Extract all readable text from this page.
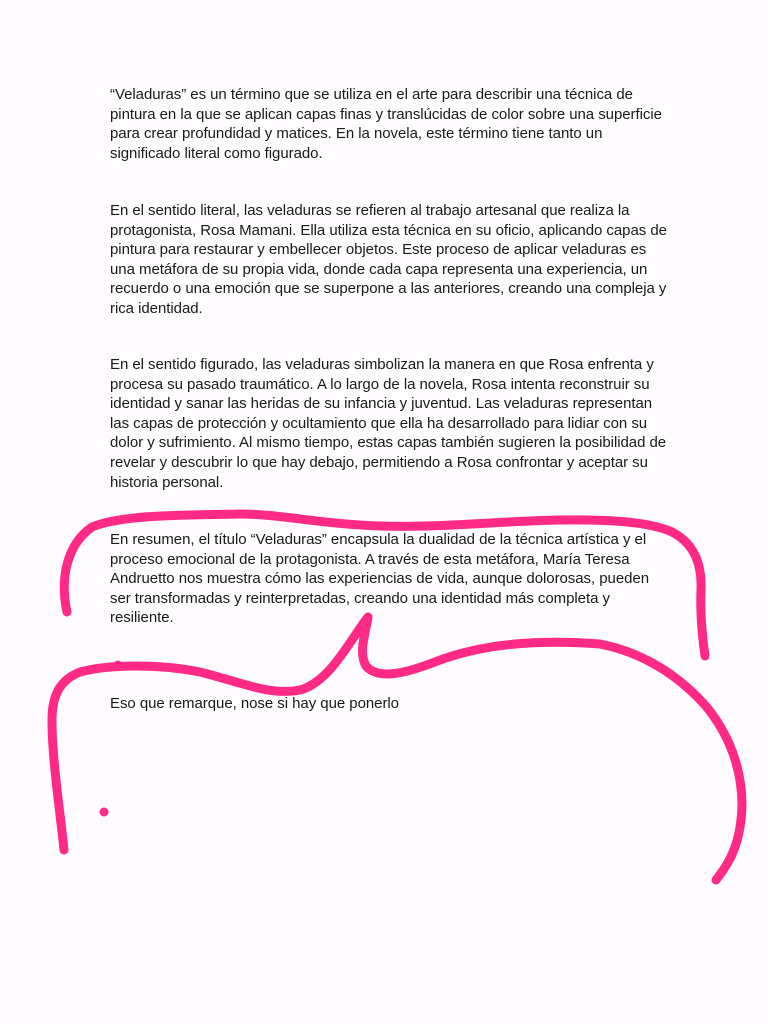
“Veladuras” es un término que se utiliza en el arte para describir una técnica de pintura en la que se aplican capas finas y translúcidas de color sobre una superficie para crear profundidad y matices. En la novela, este término tiene tanto un significado literal como figurado.

En el sentido literal, las veladuras se refieren al trabajo artesanal que realiza la protagonista, Rosa Mamani. Ella utiliza esta técnica en su oficio, aplicando capas de pintura para restaurar y embellecer objetos. Este proceso de aplicar veladuras es una metáfora de su propia vida, donde cada capa representa una experiencia, un recuerdo o una emoción que se superpone a las anteriores, creando una compleja y rica identidad.

En el sentido figurado, las veladuras simbolizan la manera en que Rosa enfrenta y procesa su pasado traumático. A lo largo de la novela, Rosa intenta reconstruir su identidad y sanar las heridas de su infancia y juventud. Las veladuras representan las capas de protección y ocultamiento que ella ha desarrollado para lidiar con su dolor y sufrimiento. Al mismo tiempo, estas capas también sugieren la posibilidad de revelar y descubrir lo que hay debajo, permitiendo a Rosa confrontar y aceptar su historia personal.

En resumen, el título “Veladuras” encapsula la dualidad de la técnica artística y el proceso emocional de la protagonista. A través de esta metáfora, María Teresa Andruetto nos muestra cómo las experiencias de vida, aunque dolorosas, pueden ser transformadas y reinterpretadas, creando una identidad más completa y resiliente.

Eso que remarque, nose si hay que ponerlo
